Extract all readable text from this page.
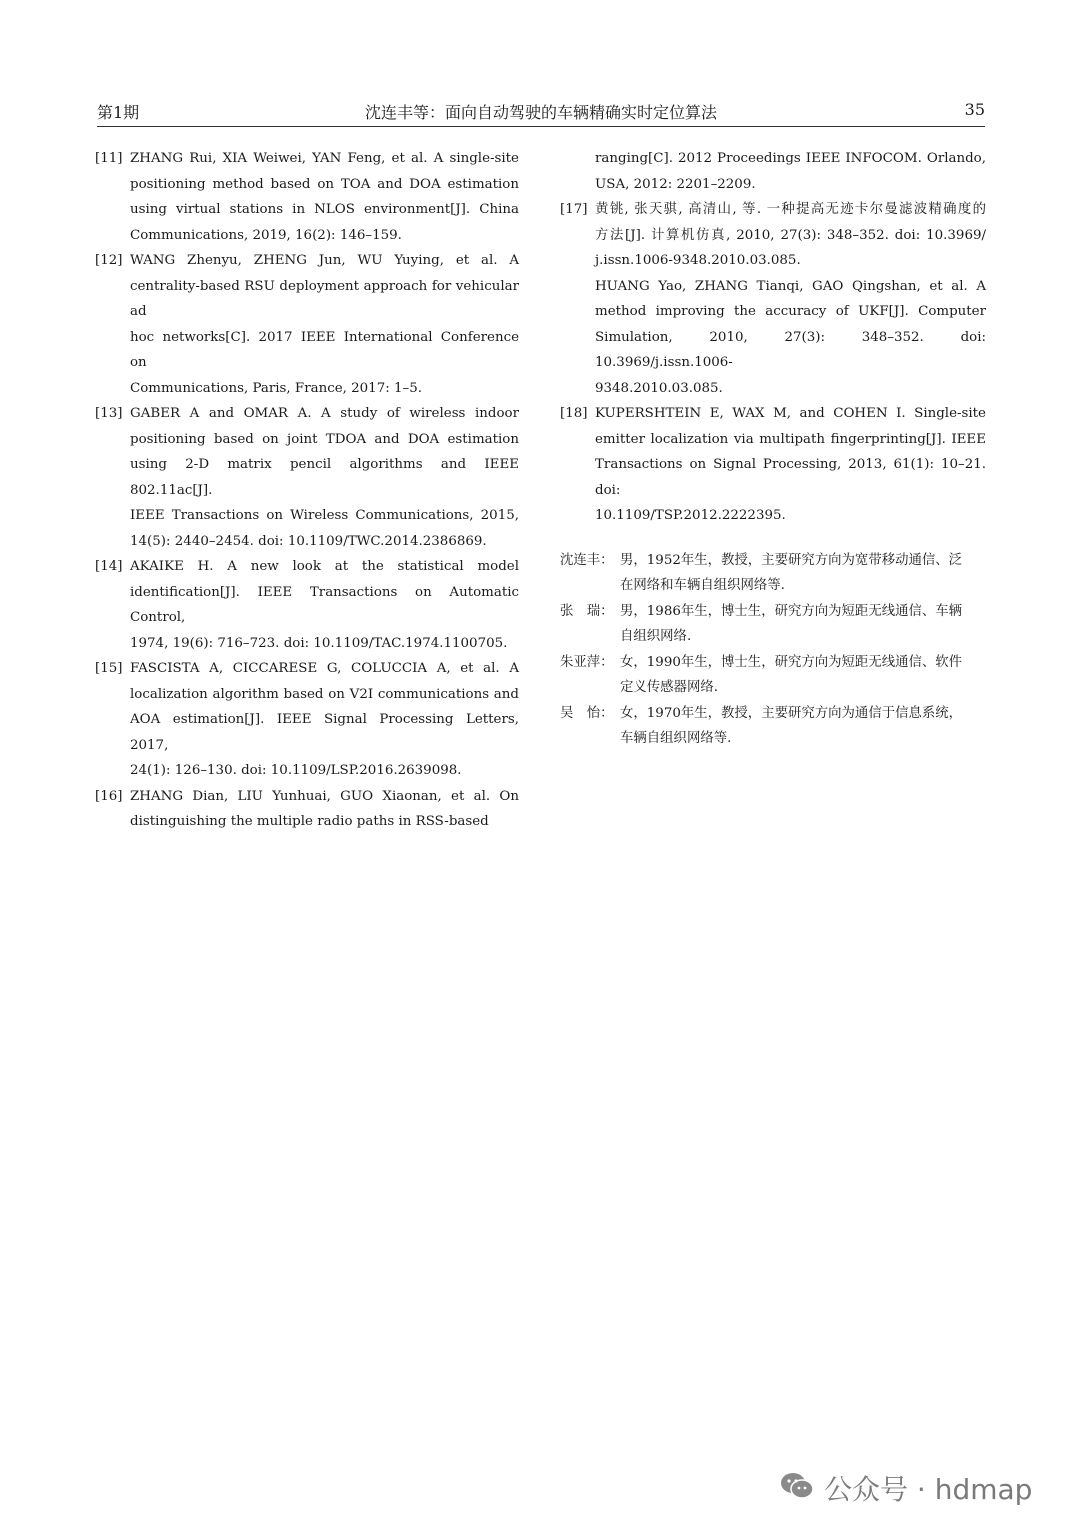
第1期	沈连丰等：面向自动驾驶的车辆精确实时定位算法	35
[11] ZHANG Rui, XIA Weiwei, YAN Feng, et al. A single-site
positioning method based on TOA and DOA estimation
using virtual stations in NLOS environment[J]. China
Communications, 2019, 16(2): 146–159.
[12] WANG Zhenyu, ZHENG Jun, WU Yuying, et al. A
centrality-based RSU deployment approach for vehicular ad
hoc networks[C]. 2017 IEEE International Conference on
Communications, Paris, France, 2017: 1–5.
[13] GABER A and OMAR A. A study of wireless indoor
positioning based on joint TDOA and DOA estimation
using 2-D matrix pencil algorithms and IEEE 802.11ac[J].
IEEE Transactions on Wireless Communications, 2015,
14(5): 2440–2454. doi: 10.1109/TWC.2014.2386869.
[14] AKAIKE H. A new look at the statistical model
identification[J]. IEEE Transactions on Automatic Control,
1974, 19(6): 716–723. doi: 10.1109/TAC.1974.1100705.
[15] FASCISTA A, CICCARESE G, COLUCCIA A, et al. A
localization algorithm based on V2I communications and
AOA estimation[J]. IEEE Signal Processing Letters, 2017,
24(1): 126–130. doi: 10.1109/LSP.2016.2639098.
[16] ZHANG Dian, LIU Yunhuai, GUO Xiaonan, et al. On
distinguishing the multiple radio paths in RSS-based
ranging[C]. 2012 Proceedings IEEE INFOCOM. Orlando,
USA, 2012: 2201–2209.
[17] 黄铫, 张天骐, 高清山, 等. 一种提高无迹卡尔曼滤波精确度的
方法[J]. 计算机仿真, 2010, 27(3): 348–352. doi: 10.3969/
j.issn.1006-9348.2010.03.085.
HUANG Yao, ZHANG Tianqi, GAO Qingshan, et al. A
method improving the accuracy of UKF[J]. Computer
Simulation, 2010, 27(3): 348–352. doi: 10.3969/j.issn.1006-
9348.2010.03.085.
[18] KUPERSHTEIN E, WAX M, and COHEN I. Single-site
emitter localization via multipath fingerprinting[J]. IEEE
Transactions on Signal Processing, 2013, 61(1): 10–21. doi:
10.1109/TSP.2012.2222395.
沈连丰： 男，1952年生，教授，主要研究方向为宽带移动通信、泛
在网络和车辆自组织网络等.
张　瑞： 男，1986年生，博士生，研究方向为短距无线通信、车辆
自组织网络.
朱亚萍： 女，1990年生，博士生，研究方向为短距无线通信、软件
定义传感器网络.
吴　怡： 女，1970年生，教授，主要研究方向为通信于信息系统，
车辆自组织网络等.
公众号 · hdmap
